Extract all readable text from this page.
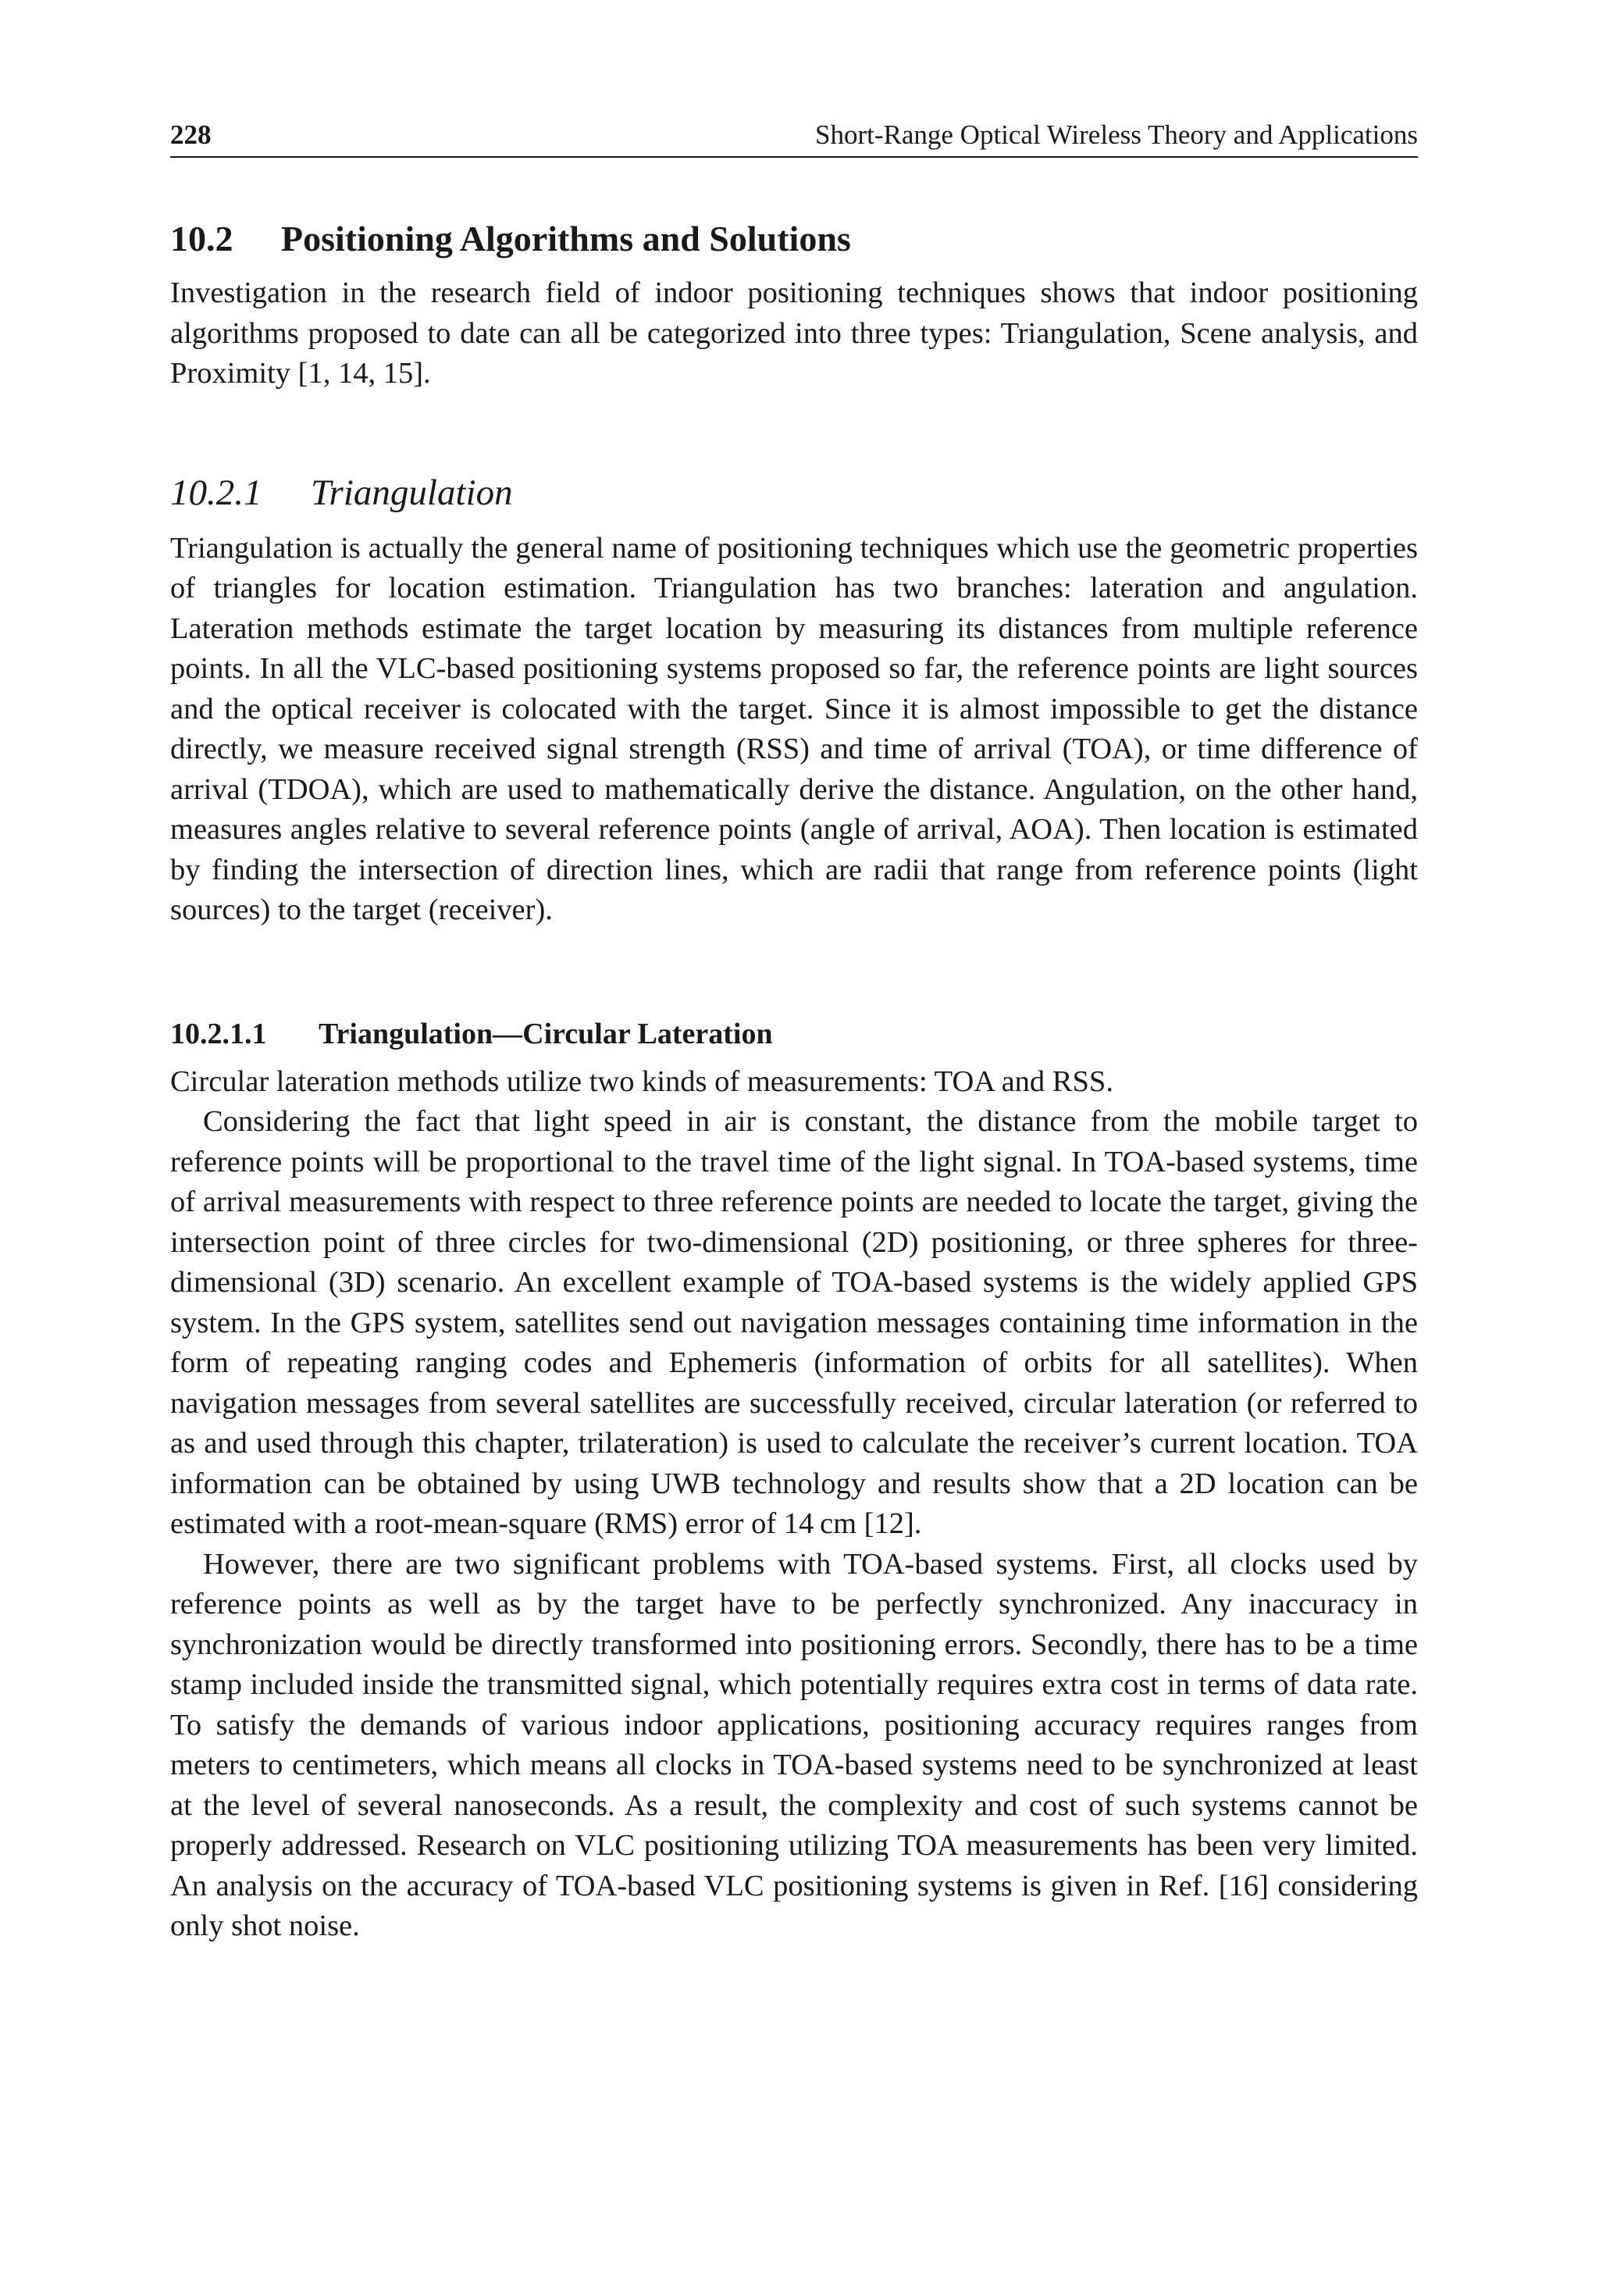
228	Short-Range Optical Wireless Theory and Applications
10.2 Positioning Algorithms and Solutions

Investigation in the research field of indoor positioning techniques shows that indoor positioning algorithms proposed to date can all be categorized into three types: Triangulation, Scene analysis, and Proximity [1, 14, 15].

10.2.1 Triangulation

Triangulation is actually the general name of positioning techniques which use the geometric properties of triangles for location estimation. Triangulation has two branches: lateration and angulation. Lateration methods estimate the target location by measuring its distances from multiple reference points. In all the VLC-based positioning systems proposed so far, the reference points are light sources and the optical receiver is colocated with the target. Since it is almost impossible to get the distance directly, we measure received signal strength (RSS) and time of arrival (TOA), or time difference of arrival (TDOA), which are used to mathematically derive the distance. Angulation, on the other hand, measures angles relative to several reference points (angle of arrival, AOA). Then location is estimated by finding the intersection of direction lines, which are radii that range from reference points (light sources) to the target (receiver).

10.2.1.1 Triangulation—Circular Lateration

Circular lateration methods utilize two kinds of measurements: TOA and RSS.

Considering the fact that light speed in air is constant, the distance from the mobile target to reference points will be proportional to the travel time of the light signal. In TOA-based systems, time of arrival measurements with respect to three reference points are needed to locate the target, giving the intersection point of three circles for two-dimensional (2D) positioning, or three spheres for three-dimensional (3D) scenario. An excellent example of TOA-based systems is the widely applied GPS system. In the GPS system, satellites send out navigation messages containing time information in the form of repeating ranging codes and Ephemeris (information of orbits for all satellites). When navigation messages from several satellites are successfully received, circular lateration (or referred to as and used through this chapter, trilateration) is used to calculate the receiver’s current location. TOA information can be obtained by using UWB technology and results show that a 2D location can be estimated with a root-mean-square (RMS) error of 14 cm [12].

However, there are two significant problems with TOA-based systems. First, all clocks used by reference points as well as by the target have to be perfectly synchronized. Any inaccuracy in synchronization would be directly transformed into positioning errors. Secondly, there has to be a time stamp included inside the transmitted signal, which potentially requires extra cost in terms of data rate. To satisfy the demands of various indoor applications, positioning accuracy requires ranges from meters to centimeters, which means all clocks in TOA-based systems need to be synchronized at least at the level of several nanoseconds. As a result, the complexity and cost of such systems cannot be properly addressed. Research on VLC positioning utilizing TOA measurements has been very limited. An analysis on the accuracy of TOA-based VLC positioning systems is given in Ref. [16] considering only shot noise.
